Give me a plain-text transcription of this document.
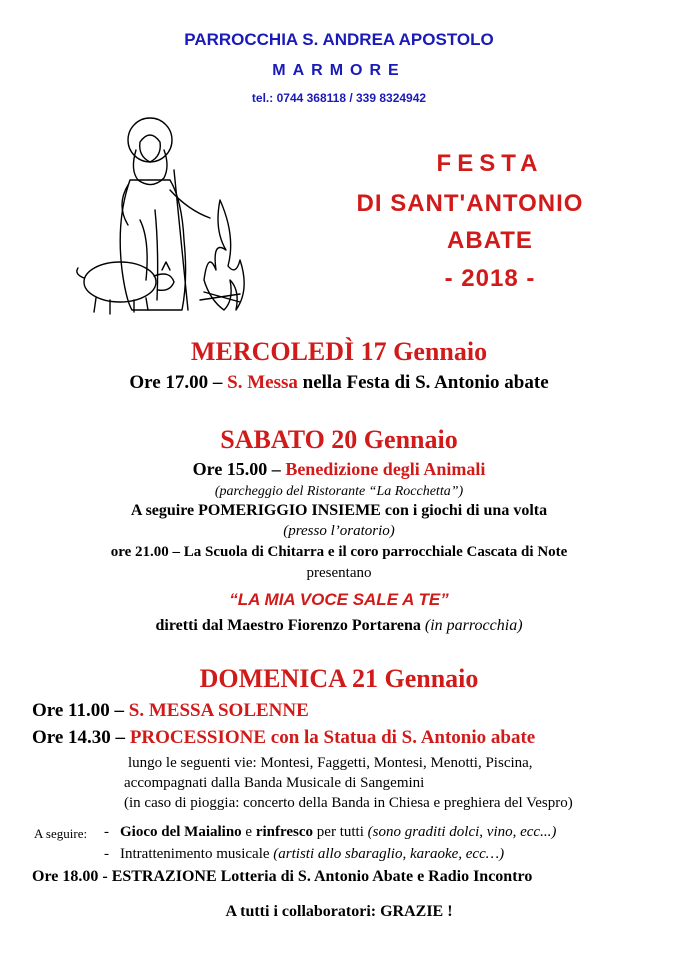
PARROCCHIA S. ANDREA APOSTOLO
MARMORE
tel.: 0744 368118 / 339 8324942
FESTA
DI SANT'ANTONIO
ABATE
- 2018 -
MERCOLEDÌ 17 Gennaio
Ore 17.00 – S. Messa nella Festa di S. Antonio abate
SABATO 20 Gennaio
Ore 15.00 – Benedizione degli Animali
(parcheggio del Ristorante “La Rocchetta”)
A seguire POMERIGGIO INSIEME con i giochi di una volta
(presso l’oratorio)
ore 21.00 – La Scuola di Chitarra e il coro parrocchiale Cascata di Note
presentano
“LA MIA VOCE SALE A TE”
diretti dal Maestro Fiorenzo Portarena (in parrocchia)
DOMENICA 21 Gennaio
Ore 11.00 – S. MESSA SOLENNE
Ore 14.30 – PROCESSIONE con la Statua di S. Antonio abate
lungo le seguenti vie: Montesi, Faggetti, Montesi, Menotti, Piscina,
accompagnati dalla Banda Musicale di Sangemini
(in caso di pioggia: concerto della Banda in Chiesa e preghiera del Vespro)
A seguire: - Gioco del Maialino e rinfresco per tutti (sono graditi dolci, vino, ecc...)
- Intrattenimento musicale (artisti allo sbaraglio, karaoke, ecc…)
Ore 18.00 - ESTRAZIONE Lotteria di S. Antonio Abate e Radio Incontro
A tutti i collaboratori: GRAZIE !
